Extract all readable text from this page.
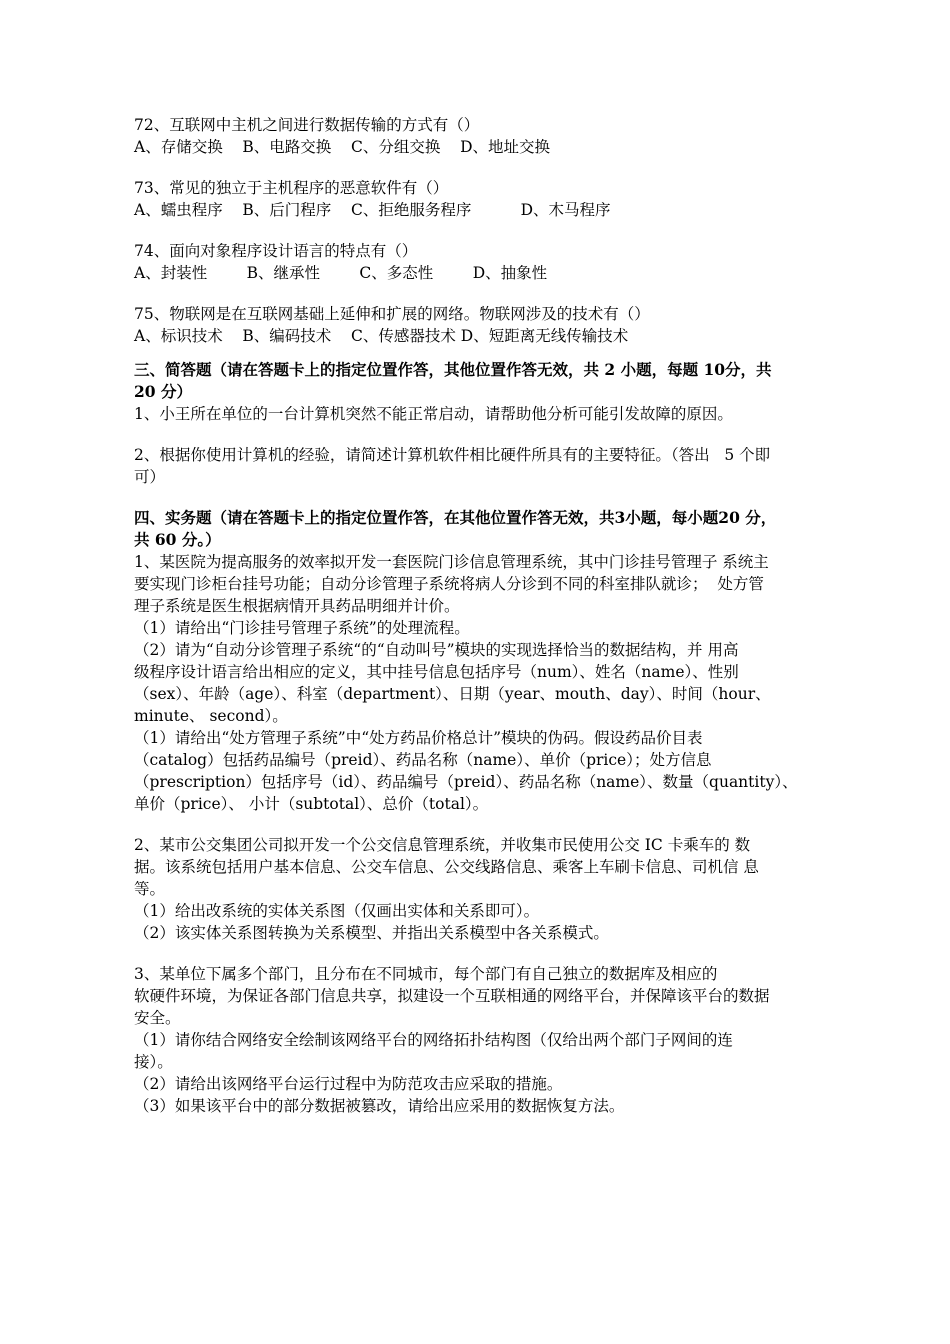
72、互联网中主机之间进行数据传输的方式有（）
A、存储交换    B、电路交换    C、分组交换    D、地址交换
73、常见的独立于主机程序的恶意软件有（）
A、蠕虫程序    B、后门程序    C、拒绝服务程序          D、木马程序
74、面向对象程序设计语言的特点有（）
A、封装性        B、继承性        C、多态性        D、抽象性
75、物联网是在互联网基础上延伸和扩展的网络。物联网涉及的技术有（）
A、标识技术    B、编码技术    C、传感器技术 D、短距离无线传输技术
三、简答题（请在答题卡上的指定位置作答，其他位置作答无效，共 2 小题，每题 10分，共
20 分）
1、小王所在单位的一台计算机突然不能正常启动，请帮助他分析可能引发故障的原因。
2、根据你使用计算机的经验，请简述计算机软件相比硬件所具有的主要特征。（答出   5 个即
可）
四、实务题（请在答题卡上的指定位置作答，在其他位置作答无效，共3小题，每小题20 分，
共 60 分。）
1、某医院为提高服务的效率拟开发一套医院门诊信息管理系统，其中门诊挂号管理子 系统主
要实现门诊柜台挂号功能；自动分诊管理子系统将病人分诊到不同的科室排队就诊；  处方管
理子系统是医生根据病情开具药品明细并计价。
（1）请给出“门诊挂号管理子系统”的处理流程。
（2）请为“自动分诊管理子系统“的“自动叫号”模块的实现选择恰当的数据结构，并 用高
级程序设计语言给出相应的定义，其中挂号信息包括序号（num）、姓名（name）、性别
（sex）、年龄（age）、科室（department）、日期（year、mouth、day）、时间（hour、
minute、 second）。
（1）请给出“处方管理子系统”中“处方药品价格总计”模块的伪码。假设药品价目表
（catalog）包括药品编号（preid）、药品名称（name）、单价（price）；处方信息
（prescription）包括序号（id）、药品编号（preid）、药品名称（name）、数量（quantity）、
单价（price）、 小计（subtotal）、总价（total）。
2、某市公交集团公司拟开发一个公交信息管理系统，并收集市民使用公交 IC 卡乘车的 数
据。该系统包括用户基本信息、公交车信息、公交线路信息、乘客上车刷卡信息、司机信 息
等。
（1）给出改系统的实体关系图（仅画出实体和关系即可）。
（2）该实体关系图转换为关系模型、并指出关系模型中各关系模式。
3、某单位下属多个部门，且分布在不同城市，每个部门有自己独立的数据库及相应的
软硬件环境，为保证各部门信息共享，拟建设一个互联相通的网络平台，并保障该平台的数据
安全。
（1）请你结合网络安全绘制该网络平台的网络拓扑结构图（仅给出两个部门子网间的连
接）。
（2）请给出该网络平台运行过程中为防范攻击应采取的措施。
（3）如果该平台中的部分数据被篡改，请给出应采用的数据恢复方法。
